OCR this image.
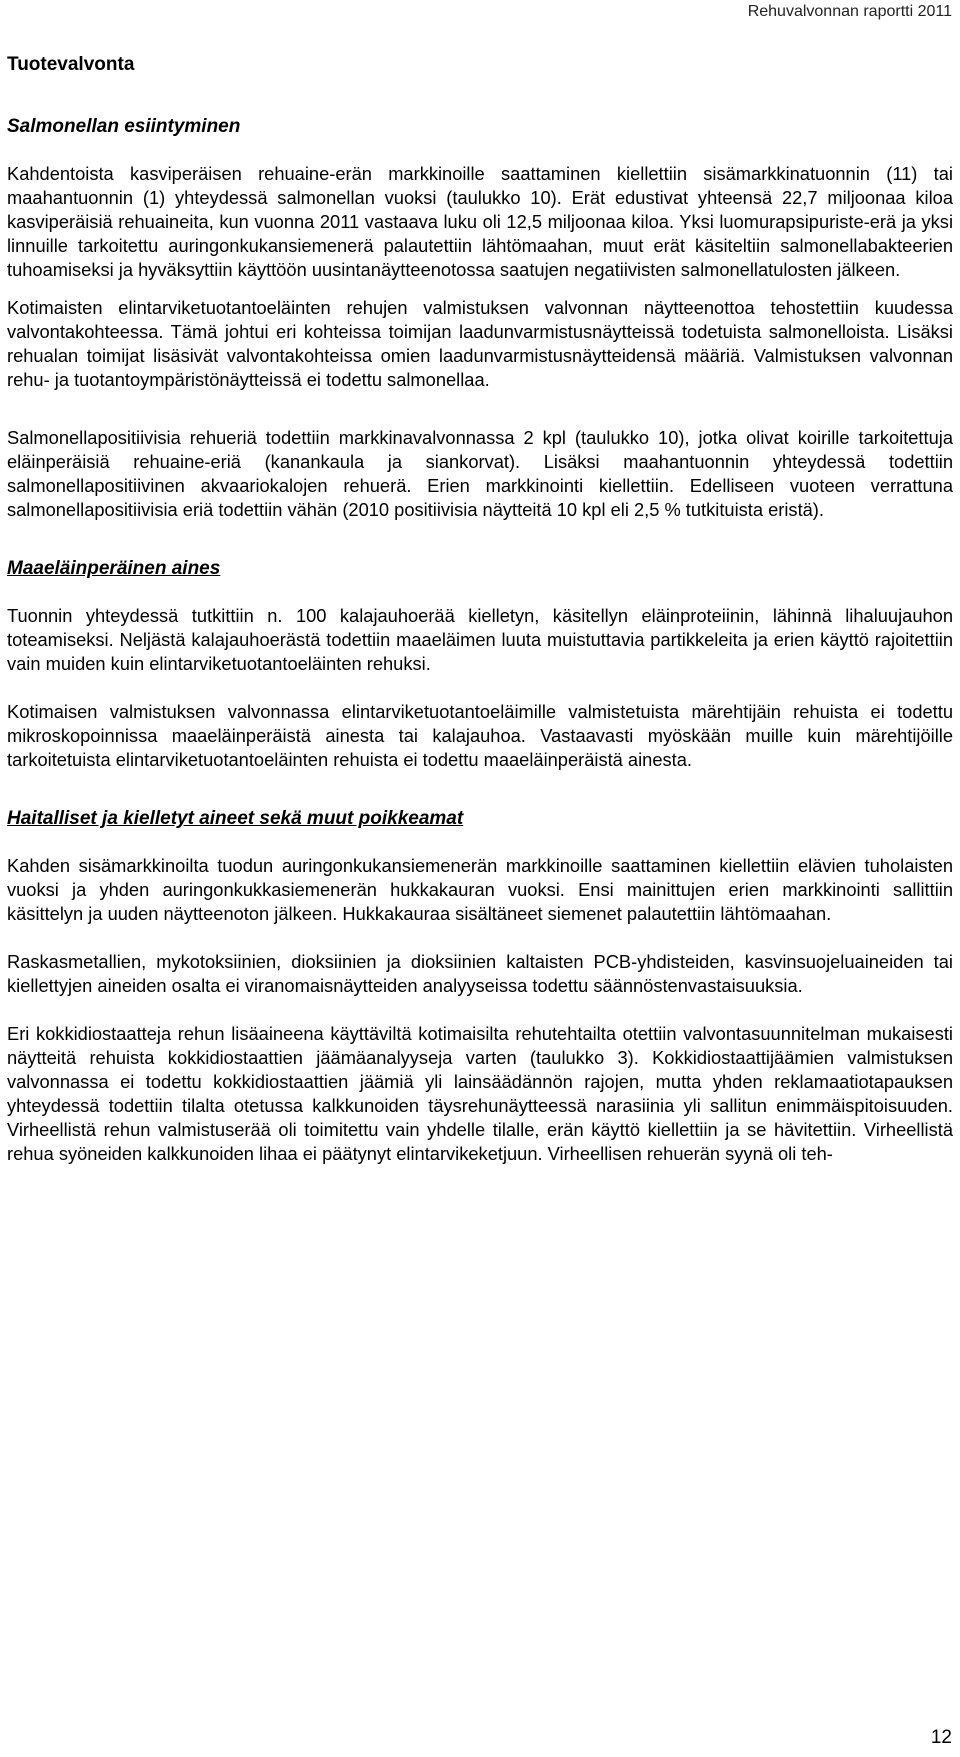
Rehuvalvonnan raportti 2011
Tuotevalvonta
Salmonellan esiintyminen

Kahdentoista kasviperäisen rehuaine-erän markkinoille saattaminen kiellettiin sisämarkkinatuonnin (11) tai maahantuonnin (1) yhteydessä salmonellan vuoksi (taulukko 10). Erät edustivat yhteensä 22,7 miljoonaa kiloa kasviperäisiä rehuaineita, kun vuonna 2011 vastaava luku oli 12,5 miljoonaa kiloa. Yksi luomurapsipuriste-erä ja yksi linnuille tarkoitettu auringonkukansiemenerä palautettiin lähtömaahan, muut erät käsiteltiin salmonellabakteerien tuhoamiseksi ja hyväksyttiin käyttöön uusintanäytteenotossa saatujen negatiivisten salmonellatulosten jälkeen.

Kotimaisten elintarviketuotantoeläinten rehujen valmistuksen valvonnan näytteenottoa tehostettiin kuudessa valvontakohteessa. Tämä johtui eri kohteissa toimijan laadunvarmistusnäytteissä todetuista salmonelloista. Lisäksi rehualan toimijat lisäsivät valvontakohteissa omien laadunvarmistusnäytteidensä määriä. Valmistuksen valvonnan rehu- ja tuotantoympäristönäytteissä ei todettu salmonellaa.

Salmonellapositiivisia rehueriä todettiin markkinavalvonnassa 2 kpl (taulukko 10), jotka olivat koirille tarkoitettuja eläinperäisiä rehuaine-eriä (kanankaula ja siankorvat). Lisäksi maahantuonnin yhteydessä todettiin salmonellapositiivinen akvaariokalojen rehuerä. Erien markkinointi kiellettiin. Edelliseen vuoteen verrattuna salmonellapositiivisia eriä todettiin vähän (2010 positiivisia näytteitä 10 kpl eli 2,5 % tutkituista eristä).

Maaeläinperäinen aines

Tuonnin yhteydessä tutkittiin n. 100 kalajauhoerää kielletyn, käsitellyn eläinproteiinin, lähinnä lihaluujauhon toteamiseksi. Neljästä kalajauhoerästä todettiin maaeläimen luuta muistuttavia partikkeleita ja erien käyttö rajoitettiin vain muiden kuin elintarviketuotantoeläinten rehuksi.

Kotimaisen valmistuksen valvonnassa elintarviketuotantoeläimille valmistetuista märehtijäin rehuista ei todettu mikroskopoinnissa maaeläinperäistä ainesta tai kalajauhoa. Vastaavasti myöskään muille kuin märehtijöille tarkoitetuista elintarviketuotantoeläinten rehuista ei todettu maaeläinperäistä ainesta.

Haitalliset ja kielletyt aineet sekä muut poikkeamat

Kahden sisämarkkinoilta tuodun auringonkukansiemenerän markkinoille saattaminen kiellettiin elävien tuholaisten vuoksi ja yhden auringonkukkasiemenerän hukkakauran vuoksi. Ensi mainittujen erien markkinointi sallittiin käsittelyn ja uuden näytteenoton jälkeen. Hukkakauraa sisältäneet siemenet palautettiin lähtömaahan.

Raskasmetallien, mykotoksiinien, dioksiinien ja dioksiinien kaltaisten PCB-yhdisteiden, kasvinsuojeluaineiden tai kiellettyjen aineiden osalta ei viranomaisnäytteiden analyyseissa todettu säännöstenvastaisuuksia.

Eri kokkidiostaatteja rehun lisäaineena käyttäviltä kotimaisilta rehutehtailta otettiin valvontasuunnitelman mukaisesti näytteitä rehuista kokkidiostaattien jäämäanalyyseja varten (taulukko 3). Kokkidiostaattijäämien valmistuksen valvonnassa ei todettu kokkidiostaattien jäämiä yli lainsäädännön rajojen, mutta yhden reklamaatiotapauksen yhteydessä todettiin tilalta otetussa kalkkunoiden täysrehunäytteessä narasiinia yli sallitun enimmäispitoisuuden. Virheellistä rehun valmistuserää oli toimitettu vain yhdelle tilalle, erän käyttö kiellettiin ja se hävitettiin. Virheellistä rehua syöneiden kalkkunoiden lihaa ei päätynyt elintarvikeketjuun. Virheellisen rehuerän syynä oli teh-

12
